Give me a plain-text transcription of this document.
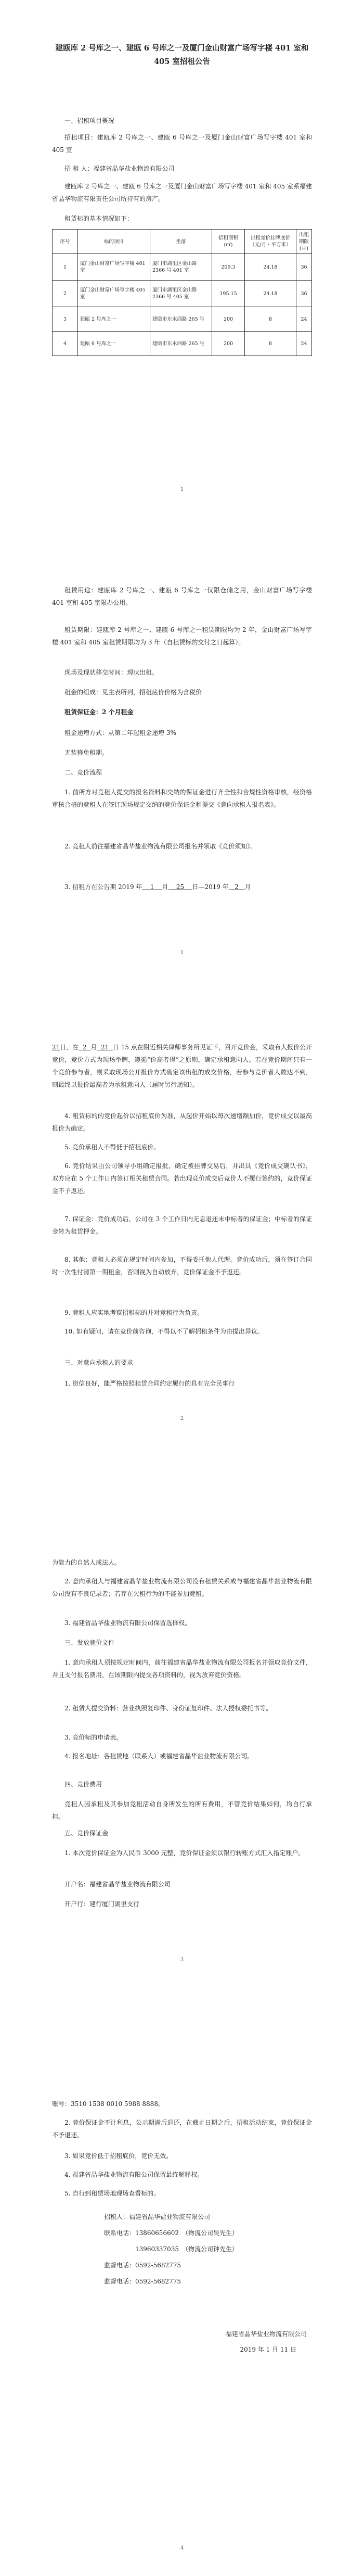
建瓯库 2 号库之一、建瓯 6 号库之一及厦门金山财富广场写字楼 401 室和 405 室招租公告
一、招租项目概况
招租项目：建瓯库 2 号库之一、建瓯 6 号库之一及厦门金山财富广场写字楼 401 室和 405 室
招 租 人：福建省晶华盐业物流有限公司
建瓯库 2 号库之一、建瓯 6 号库之一及厦门金山财富广场写字楼 401 室和 405 室系福建省晶华物流有限责任公司所持有的房产。
租赁标的基本情况如下：
序号	标的项目	坐落	招租面积(㎡)	出租竞价挂牌底价（元/月・平方米）	出租期限(月)
1	厦门金山财富广场写字楼 401 室	厦门市湖里区金山路 2366 号 401 室	209.3	24.18	36
2	厦门金山财富广场写字楼 405 室	厦门市湖里区金山路 2366 号 405 室	195.15	24.18	36
3	建瓯 2 号库之一	建瓯市东水西路 265 号	200	8	24
4	建瓯 6 号库之一	建瓯市东水西路 265 号	200	8	24
1
租赁用途：建瓯库 2 号库之一、建瓯 6 号库之一仅限仓储之用，金山财富广场写字楼 401 室和 405 室限办公用。
租赁期限：建瓯库 2 号库之一、建瓯 6 号库之一租赁期限均为 2 年，金山财富广场写字楼 401 室和 405 室租赁期限均为 3 年（自租赁标的交付之日起算）。
现场及现状移交时间：现状出租。
租金的组成：见主表所列，招租底价价格为含税价
租赁保证金：2 个月租金
租金递增方式：从第二年起租金递增 3%
无装修免租期。
二、竞价流程
1. 前所方对竞租人提交的报名资料和交纳的保证金进行齐全性和合规性资格审核，经资格审核合格的竞租人在签订现场规定交纳的竞价保证金和提交《意向承租人报名表》。
2. 竞租人前往福建省晶华盐业物流有限公司报名并领取《竞价须知》。
3. 招租方在公告期 2019 年 1 月 25 日—2019 年 2 月
1
21日，在 2 月 21 日 15 点在附近相关律师事务所见证下，召开竞价会，采取有人报价公开竞价，竞价方式为现场举牌，遵循“价高者得”之原则，确定承租意向人。若在竞价期间只有一个竞价参与者，则采取现场公开报价方式确定该出租的成交价格，若参与竞价者人数达不到，则最终以报价最高者为承租意向人（届时另行通知）。
4. 租赁标的的竞价起价以招租底价为准，从起价开始以每次递增额加价，竞价成交以最高报价为确定。
5. 竞价承租人不得低于招租底价。
6. 竞价结果由公司领导小组确定报批，确定被挂牌交易后，并出具《竞价成交确认书》，双方应在 5 个工作日内签订相关租赁合同。若出现竞价成交后竞价人不履行签约的，竞价保证金不予返还。
7. 保证金：竞价成功后，公司在 3 个工作日内无息退还未中标者的保证金；中标者的保证金转为租赁押金。
8. 其他：竞租人必须在规定时间内参加，不得委托他人代理。竞价成功后，须在签订合同时一次性付清第一期租金，否则视为自动放弃，竞价保证金不予返还。
9. 竞租人应实地考察招租标的并对竞租行为负责。
10. 如有疑问，请在竞价前咨询，不得以不了解招租条件为由提出异议。
三、对意向承租人的要求
1. 资信良好，能严格按照租赁合同约定履行的具有完全民事行
2
为能力的自然人或法人。
2. 意向承租人与福建省晶华盐业物流有限公司没有租赁关系或与福建省晶华盐业物流有限公司没有不良记录者；若存在欠租行为的不能参加竞租。
3. 福建省晶华盐业物流有限公司保留选择权。
三、发放竞价文件
1. 意向承租人须按规定时间内，前往福建省晶华盐业物流有限公司报名并领取竞价文件，并且支付报名费用，在该期限内提交各项资料的，视为放弃竞价资格。
2. 租赁人提交资料：营业执照复印件、身份证复印件、法人授权委托书等。
3. 竞价标的申请表。
4. 报名地址：各租赁地（联系人）或福建省晶华盐业物流有限公司。
四、竞价费用
竞租人因承租及其参加竞租活动自身所发生的所有费用，不管竞价结果如何，均自行承担。
五、竞价保证金
1. 本次竞价保证金为人民币 3000 元整，竞价保证金须以银行转账方式汇入指定账户。
开户名：福建省晶华盐业物流有限公司
开户行：建行厦门湖里支行
3
账号：3510 1538 0010 5988 8888。
2. 竞价保证金不计利息，公示期满后退还，在截止日期之后，招租活动结束，竞价保证金不予退还。
3. 如果竞价低于招租底价，竞价无效。
4. 福建省晶华盐业物流有限公司保留最终解释权。
5. 自行到租赁场地现场查看标的。
招租人：福建省晶华盐业物流有限公司
联系电话：13860656602　（物流公司吴先生）
　　　　　13960337035　（物流公司钟先生）
监督电话：0592-5682775
监督电话：0592-5682775
福建省晶华盐业物流有限公司
2019 年 1 月 11 日
4
